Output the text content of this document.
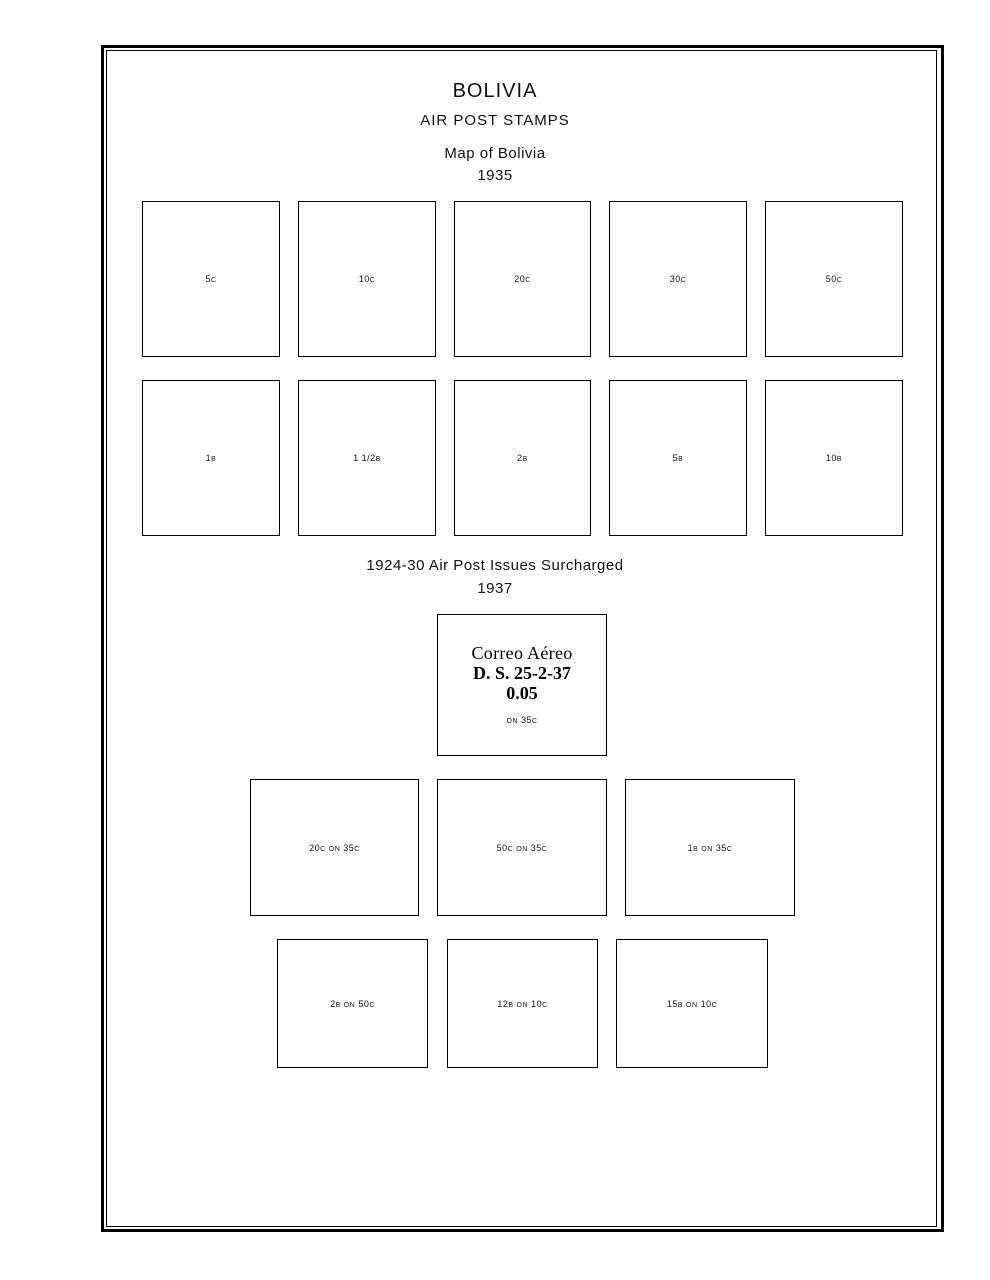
BOLIVIA
AIR POST STAMPS
Map of Bolivia
1935
5C	10C	20C	30C	50C
1B	1 1/2B	2B	5B	10B
1924-30 Air Post Issues Surcharged
1937
Correo Aéreo
D. S. 25-2-37
0.05
ON 35C
20C ON 35C	50C ON 35C	1B ON 35C
2B ON 50C	12B ON 10C	15B ON 10C
